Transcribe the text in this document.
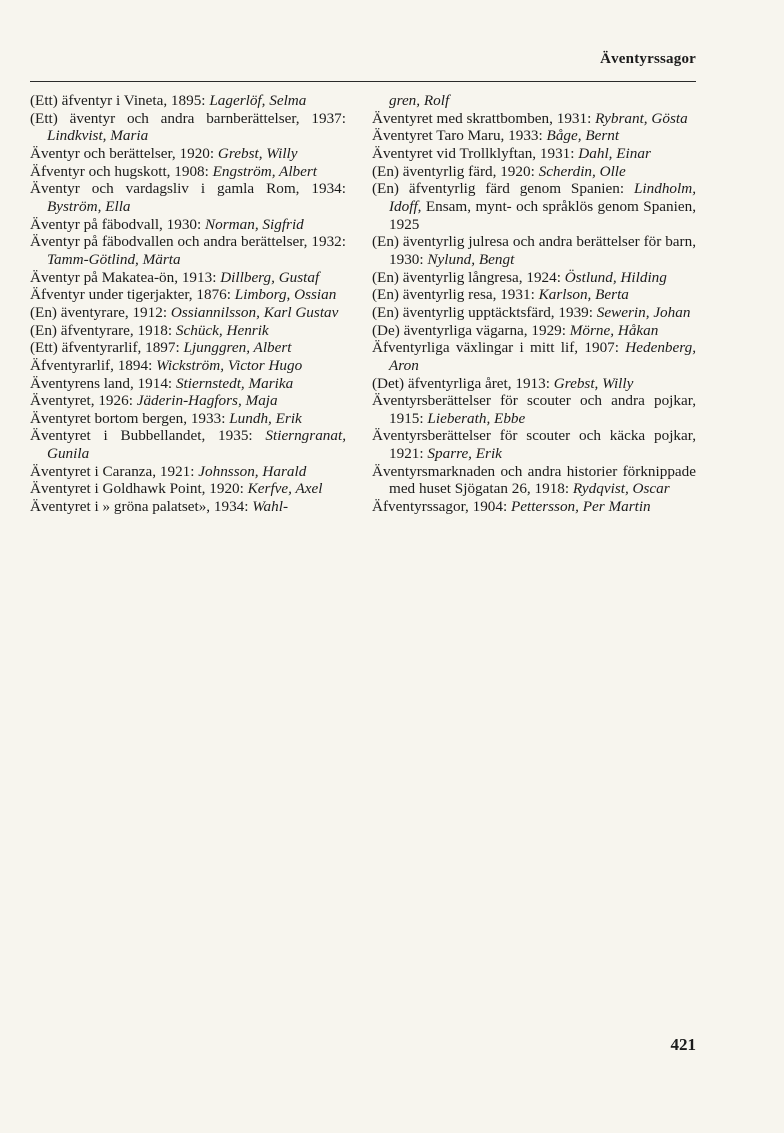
Äventyrssagor
(Ett) äfventyr i Vineta, 1895: Lagerlöf, Selma
(Ett) äventyr och andra barnberättelser, 1937: Lindkvist, Maria
Äventyr och berättelser, 1920: Grebst, Willy
Äfventyr och hugskott, 1908: Engström, Albert
Äventyr och vardagsliv i gamla Rom, 1934: Byström, Ella
Äventyr på fäbodvall, 1930: Norman, Sigfrid
Äventyr på fäbodvallen och andra berättelser, 1932: Tamm-Götlind, Märta
Äventyr på Makatea-ön, 1913: Dillberg, Gustaf
Äfventyr under tigerjakter, 1876: Limborg, Ossian
(En) äventyrare, 1912: Ossiannilsson, Karl Gustav
(En) äfventyrare, 1918: Schück, Henrik
(Ett) äfventyrarlif, 1897: Ljunggren, Albert
Äfventyrarlif, 1894: Wickström, Victor Hugo
Äventyrens land, 1914: Stiernstedt, Marika
Äventyret, 1926: Jäderin-Hagfors, Maja
Äventyret bortom bergen, 1933: Lundh, Erik
Äventyret i Bubbellandet, 1935: Stierngranat, Gunila
Äventyret i Caranza, 1921: Johnsson, Harald
Äventyret i Goldhawk Point, 1920: Kerfve, Axel
Äventyret i » gröna palatset», 1934: Wahl-
gren, Rolf
Äventyret med skrattbomben, 1931: Rybrant, Gösta
Äventyret Taro Maru, 1933: Båge, Bernt
Äventyret vid Trollklyftan, 1931: Dahl, Einar
(En) äventyrlig färd, 1920: Scherdin, Olle
(En) äfventyrlig färd genom Spanien: Lindholm, Idoff, Ensam, mynt- och språklös genom Spanien, 1925
(En) äventyrlig julresa och andra berättelser för barn, 1930: Nylund, Bengt
(En) äventyrlig långresa, 1924: Östlund, Hilding
(En) äventyrlig resa, 1931: Karlson, Berta
(En) äventyrlig upptäcktsfärd, 1939: Sewerin, Johan
(De) äventyrliga vägarna, 1929: Mörne, Håkan
Äfventyrliga växlingar i mitt lif, 1907: Hedenberg, Aron
(Det) äfventyrliga året, 1913: Grebst, Willy
Äventyrsberättelser för scouter och andra pojkar, 1915: Lieberath, Ebbe
Äventyrsberättelser för scouter och käcka pojkar, 1921: Sparre, Erik
Äventyrsmarknaden och andra historier förknippade med huset Sjögatan 26, 1918: Rydqvist, Oscar
Äfventyrssagor, 1904: Pettersson, Per Martin
421
